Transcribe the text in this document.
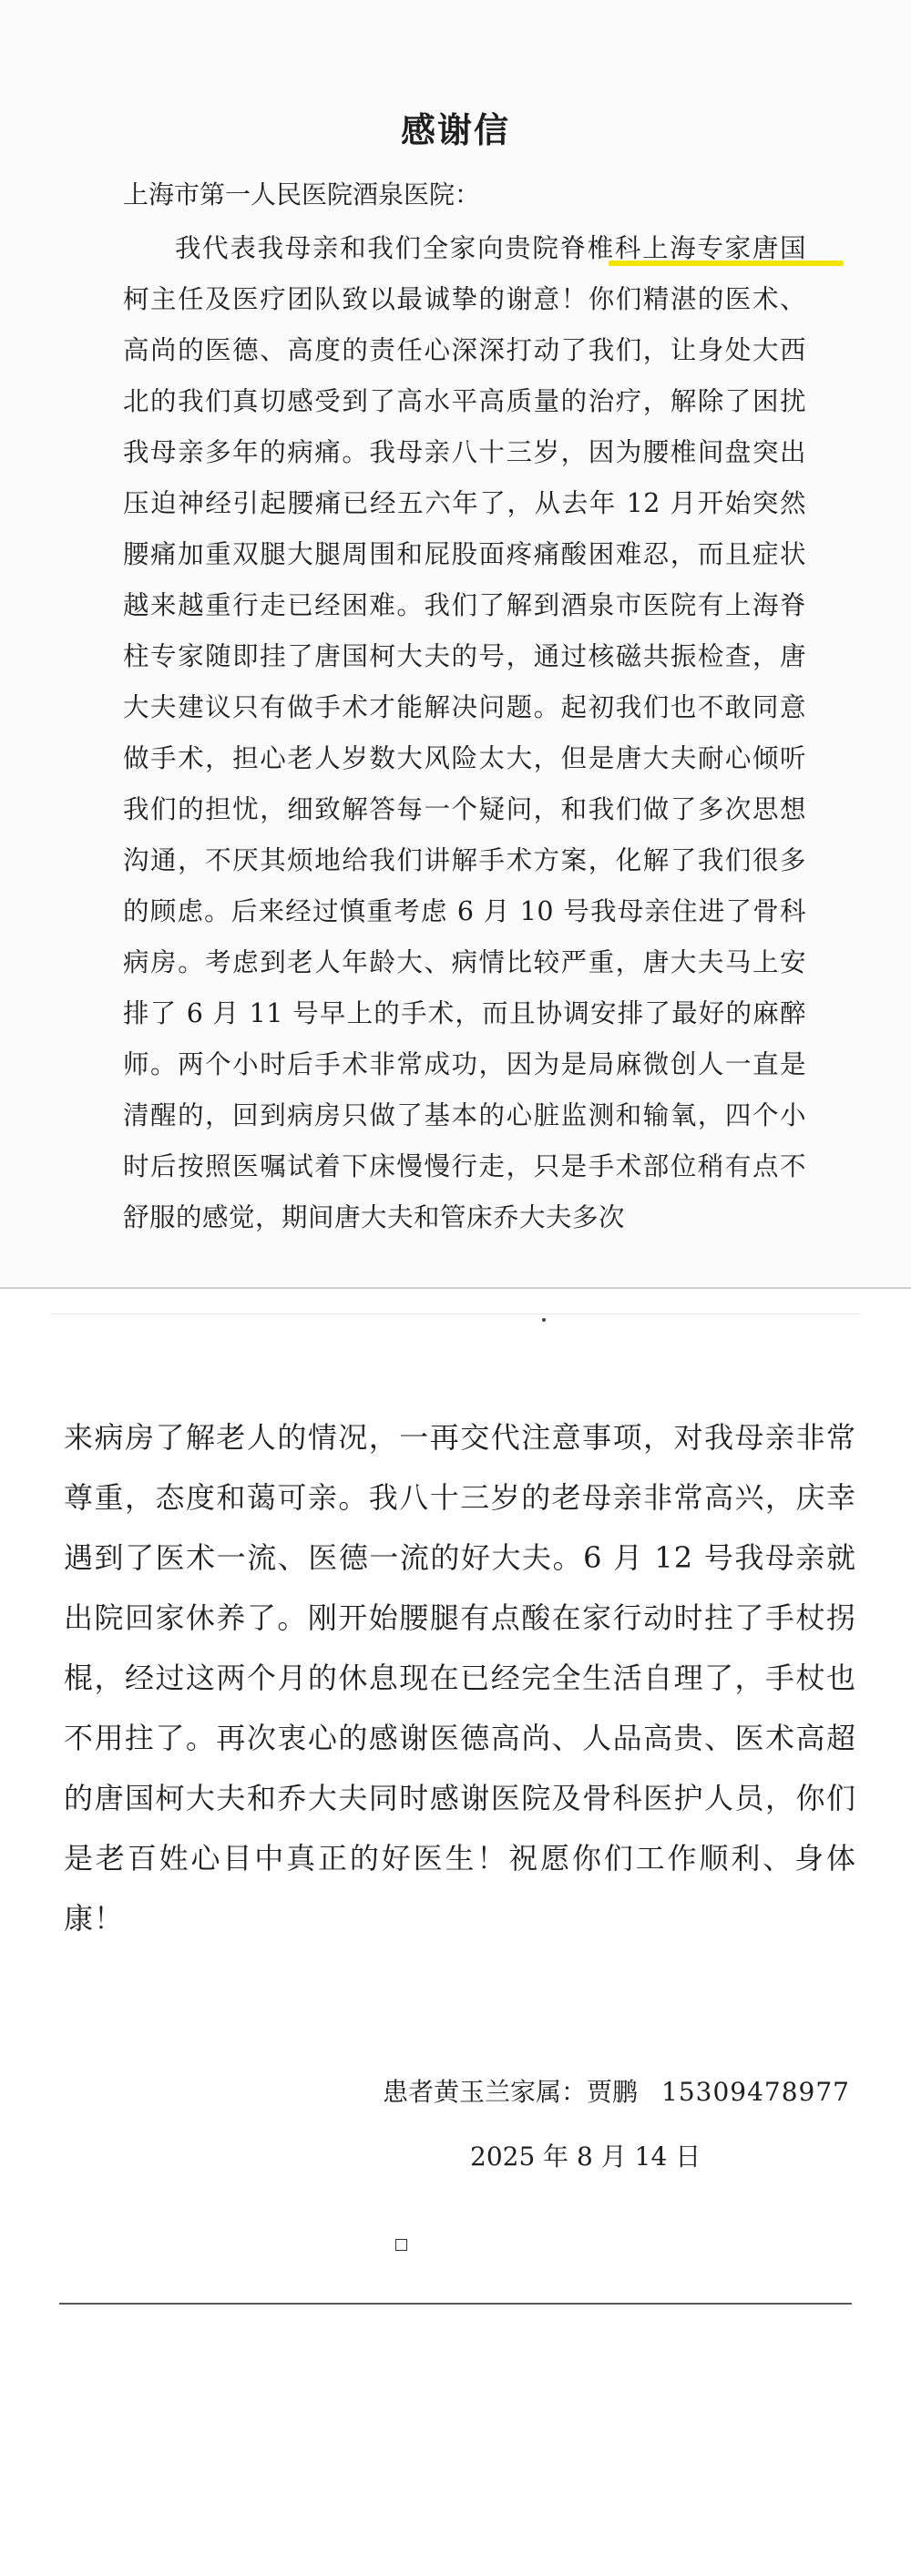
感谢信
上海市第一人民医院酒泉医院：
我代表我母亲和我们全家向贵院脊椎科上海专家唐国柯主任及医疗团队致以最诚挚的谢意！你们精湛的医术、高尚的医德、高度的责任心深深打动了我们，让身处大西北的我们真切感受到了高水平高质量的治疗，解除了困扰我母亲多年的病痛。我母亲八十三岁，因为腰椎间盘突出压迫神经引起腰痛已经五六年了，从去年 12 月开始突然腰痛加重双腿大腿周围和屁股面疼痛酸困难忍，而且症状越来越重行走已经困难。我们了解到酒泉市医院有上海脊柱专家随即挂了唐国柯大夫的号，通过核磁共振检查，唐大夫建议只有做手术才能解决问题。起初我们也不敢同意做手术，担心老人岁数大风险太大，但是唐大夫耐心倾听我们的担忧，细致解答每一个疑问，和我们做了多次思想沟通，不厌其烦地给我们讲解手术方案，化解了我们很多的顾虑。后来经过慎重考虑 6 月 10 号我母亲住进了骨科病房。考虑到老人年龄大、病情比较严重，唐大夫马上安排了 6 月 11 号早上的手术，而且协调安排了最好的麻醉师。两个小时后手术非常成功，因为是局麻微创人一直是清醒的，回到病房只做了基本的心脏监测和输氧，四个小时后按照医嘱试着下床慢慢行走，只是手术部位稍有点不舒服的感觉，期间唐大夫和管床乔大夫多次
来病房了解老人的情况，一再交代注意事项，对我母亲非常尊重，态度和蔼可亲。我八十三岁的老母亲非常高兴，庆幸遇到了医术一流、医德一流的好大夫。6 月 12 号我母亲就出院回家休养了。刚开始腰腿有点酸在家行动时拄了手杖拐棍，经过这两个月的休息现在已经完全生活自理了，手杖也不用拄了。再次衷心的感谢医德高尚、人品高贵、医术高超的唐国柯大夫和乔大夫同时感谢医院及骨科医护人员，你们是老百姓心目中真正的好医生！祝愿你们工作顺利、身体康！
患者黄玉兰家属：贾鹏 15309478977
2025 年 8 月 14 日
